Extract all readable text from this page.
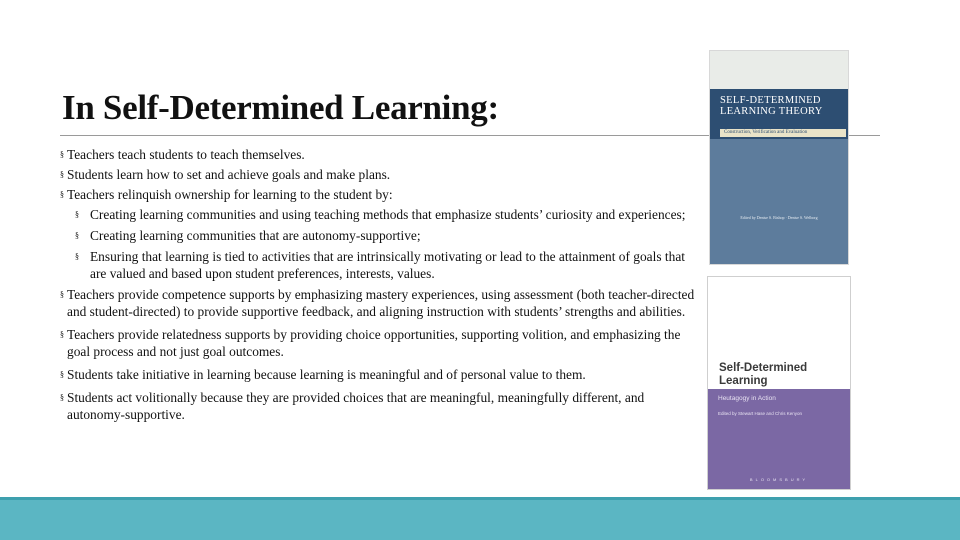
In Self-Determined Learning:
§ Teachers teach students to teach themselves.
§ Students learn how to set and achieve goals and make plans.
§ Teachers relinquish ownership for learning to the student by:
§ Creating learning communities and using teaching methods that emphasize students’ curiosity and experiences;
§ Creating learning communities that are autonomy-supportive;
§ Ensuring that learning is tied to activities that are intrinsically motivating or lead to the attainment of goals that are valued and based upon student preferences, interests, values.
§ Teachers provide competence supports by emphasizing mastery experiences, using assessment (both teacher-directed and student-directed) to provide supportive feedback, and aligning instruction with students’ strengths and abilities.
§ Teachers provide relatedness supports by providing choice opportunities, supporting volition, and emphasizing the goal process and not just goal outcomes.
§ Students take initiative in learning because learning is meaningful and of personal value to them.
§ Students act volitionally because they are provided choices that are meaningful, meaningfully different, and autonomy-supportive.
SELF-DETERMINED
LEARNING THEORY
Construction, Verification and Evaluation
Edited by Denise S. Bishop · Denise S. Welborg
Self-Determined
Learning
Heutagogy in Action
Edited by Stewart Hase and Chris Kenyon
BLOOMSBURY
